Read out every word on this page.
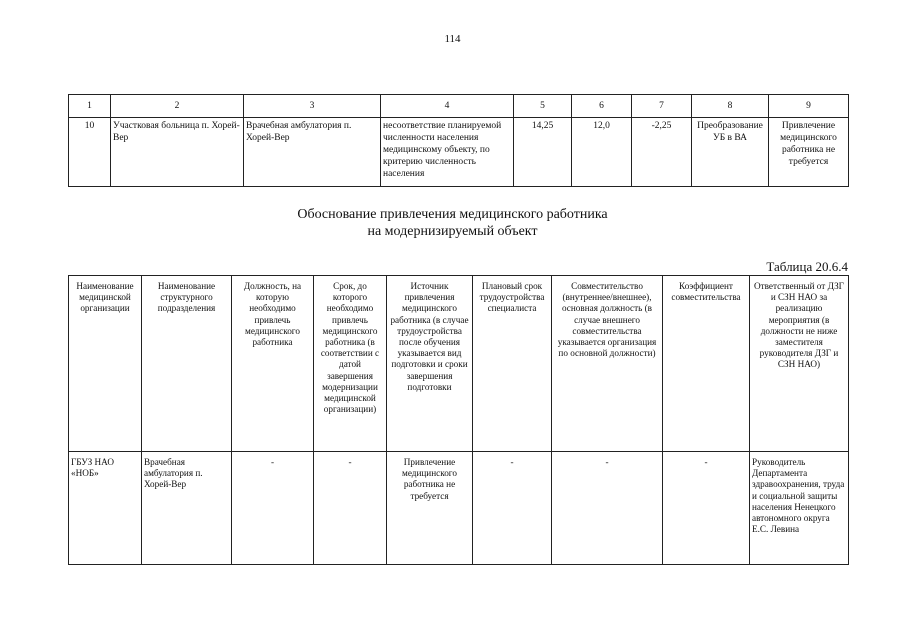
114
1	2	3	4	5	6	7	8	9
10	Участковая больница п. Хорей-Вер	Врачебная амбулатория п. Хорей-Вер	несоответствие планируемой численности населения медицинскому объекту, по критерию численность населения	14,25	12,0	-2,25	Преобразование УБ в ВА	Привлечение медицинского работника не требуется
Обоснование привлечения медицинского работника
на модернизируемый объект
Таблица 20.6.4
Наименование медицинской организации	Наименование структурного подразделения	Должность, на которую необходимо привлечь медицинского работника	Срок, до которого необходимо привлечь медицинского работника (в соответствии с датой завершения модернизации медицинской организации)	Источник привлечения медицинского работника (в случае трудоустройства после обучения указывается вид подготовки и сроки завершения подготовки	Плановый срок трудоустройства специалиста	Совместительство (внутреннее/внешнее), основная должность (в случае внешнего совместительства указывается организация по основной должности)	Коэффициент совместительства	Ответственный от ДЗГ и СЗН НАО за реализацию мероприятия (в должности не ниже заместителя руководителя ДЗГ и СЗН НАО)
ГБУЗ НАО «НОБ»	Врачебная амбулатория п. Хорей-Вер	-	-	Привлечение медицинского работника не требуется	-	-	-	Руководитель Департамента здравоохранения, труда и социальной защиты населения Ненецкого автономного округа Е.С. Левина
